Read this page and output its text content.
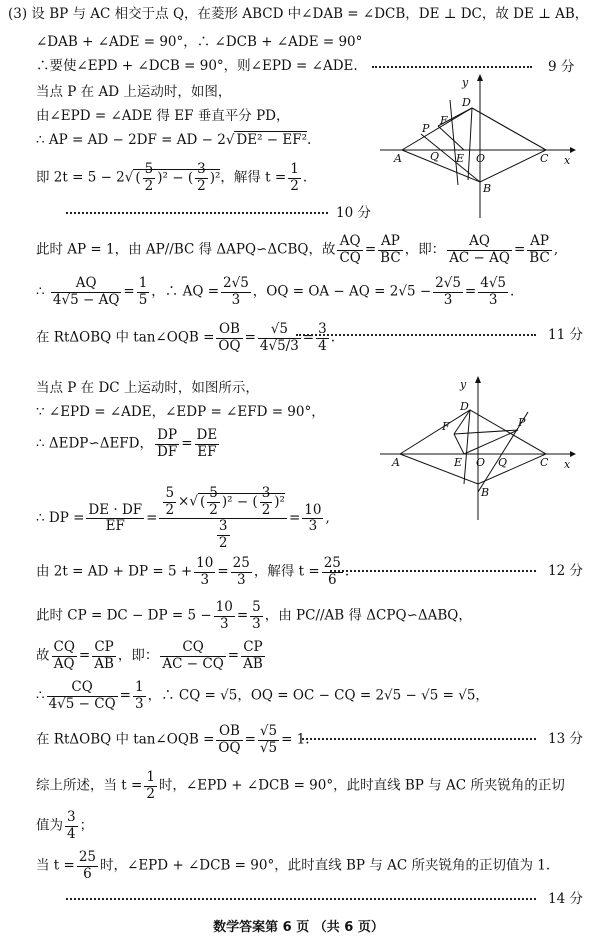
(3) 设 BP 与 AC 相交于点 Q，在菱形 ABCD 中∠DAB = ∠DCB，DE ⊥ DC，故 DE ⊥ AB，
∠DAB + ∠ADE = 90°，∴ ∠DCB + ∠ADE = 90°
∴要使∠EPD + ∠DCB = 90°，则∠EPD = ∠ADE.	9 分
当点 P 在 AD 上运动时，如图，
由∠EPD = ∠ADE 得 EF 垂直平分 PD，
∴ AP = AD − 2DF = AD − 2√ DE² − EF².
即 2t = 5 − 2√ ( $\frac{5}{2} )^2$ − ( $\frac{3}{2} )^2$，解得 $t = \frac{1}{2}$ .
10 分
y
x
A
B
C
D
E
F
O
P
Q
此时 AP = 1，由 AP//BC 得 ΔAPQ∽ΔCBQ，故 $\frac{AQ}{CQ} = \frac{AP}{BC}$ ，即： $\frac{AQ}{AC - AQ} = \frac{AP}{BC}$ ,
∴ $\frac{AQ}{4√5 - AQ} = \frac{1}{5}$ ，∴ AQ = $\frac{2√5}{3}$ ，OQ = OA − AQ = $2√5 - \frac{2√5}{3} = \frac{4√5}{3}$ .
在 RtΔOBQ 中 tan∠OQB = $\frac{OB}{OQ} = \frac{√5}{4√5/3} = \frac{3}{4}$ .	11 分
当点 P 在 DC 上运动时，如图所示，
∵ ∠EPD = ∠ADE，∠EDP = ∠EFD = 90°，
∴ ΔEDP∽ΔEFD， $\frac{DP}{DF} = \frac{DE}{EF}$
y
x
A
B
C
D
E
F
O
P
Q
∴ DP = $\frac{DE \cdot DF}{EF} = \frac{\frac{5}{2} \times√ ( \frac{5}{2} )^2 - ( \frac{3}{2} )^2}{\frac{3}{2}} = \frac{10}{3}$ ,
由 2t = AD + DP = $5 + \frac{10}{3} = \frac{25}{3}$ ，解得 $t = \frac{25}{6}$ .	12 分
此时 CP = DC − DP = $5 - \frac{10}{3} = \frac{5}{3}$ ，由 PC//AB 得 ΔCPQ∽ΔABQ，
故 $\frac{CQ}{AQ} = \frac{CP}{AB}$ ，即： $\frac{CQ}{AC - CQ} = \frac{CP}{AB}$
∴ $\frac{CQ}{4√5 - CQ} = \frac{1}{3}$ ，∴ CQ = √5，OQ = OC − CQ = 2√5 − √5 = √5，
在 RtΔOBQ 中 tan∠OQB = $\frac{OB}{OQ} = \frac{√5}{√5} = 1$.	13 分
综上所述，当 $t = \frac{1}{2}$ 时，∠EPD + ∠DCB = 90°，此时直线 BP 与 AC 所夹锐角的正切
值为 $\frac{3}{4}$ ；
当 $t = \frac{25}{6}$ 时，∠EPD + ∠DCB = 90°，此时直线 BP 与 AC 所夹锐角的正切值为 1.
14 分
数学答案第 6 页 （共 6 页）
